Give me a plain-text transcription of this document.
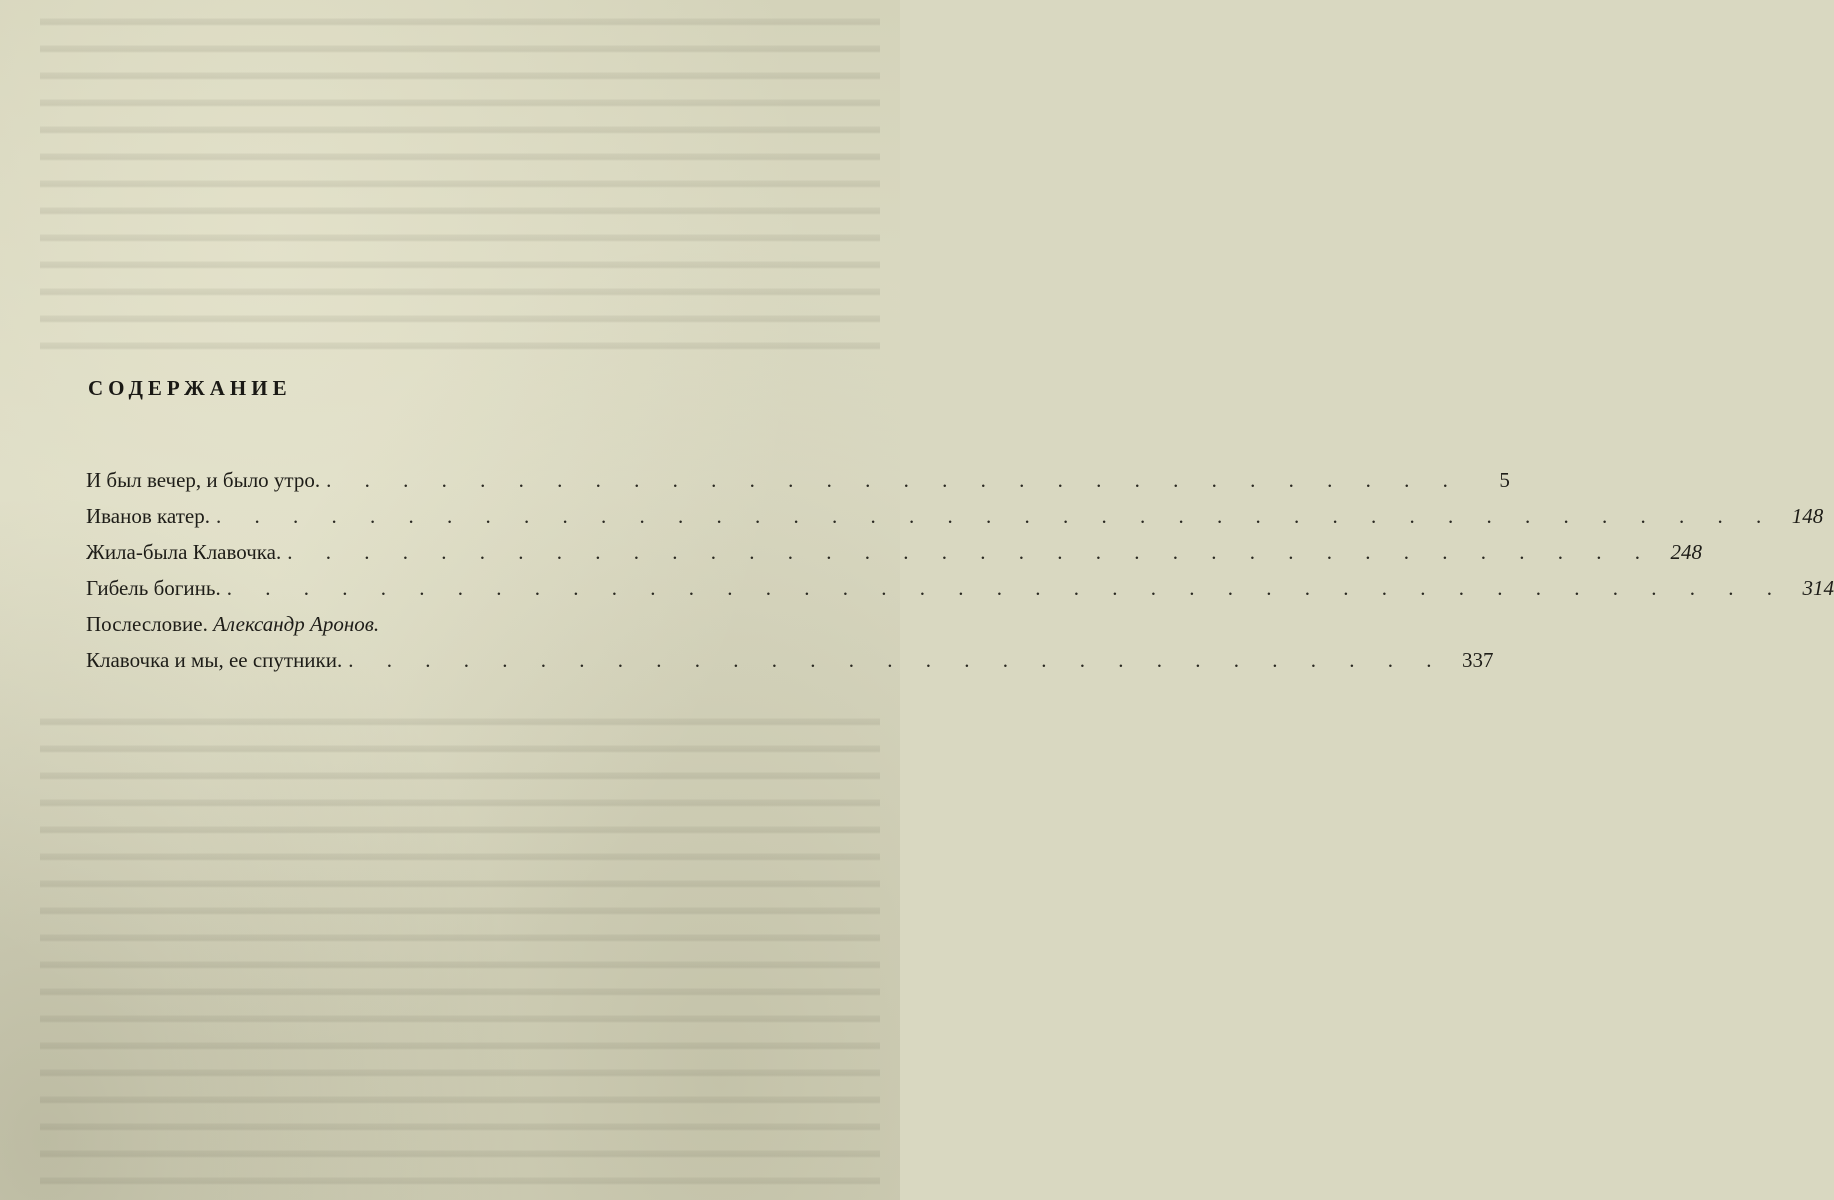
СОДЕРЖАНИЕ
И был вечер, и было утро. . . . . . . . . . . . . . . . . . . . . . . . . . . . . . .	5
Иванов катер. . . . . . . . . . . . . . . . . . . . . . . . . . . . . . . . . . . . . . . . . . 148
Жила-была Клавочка. . . . . . . . . . . . . . . . . . . . . . . . . . . . . . . . . . . . . 248
Гибель богинь. . . . . . . . . . . . . . . . . . . . . . . . . . . . . . . . . . . . . . . . . . 314
Послесловие. Александр Аронов.
Клавочка и мы, ее спутники. . . . . . . . . . . . . . . . . . . . . . . . . . . . . . 337
